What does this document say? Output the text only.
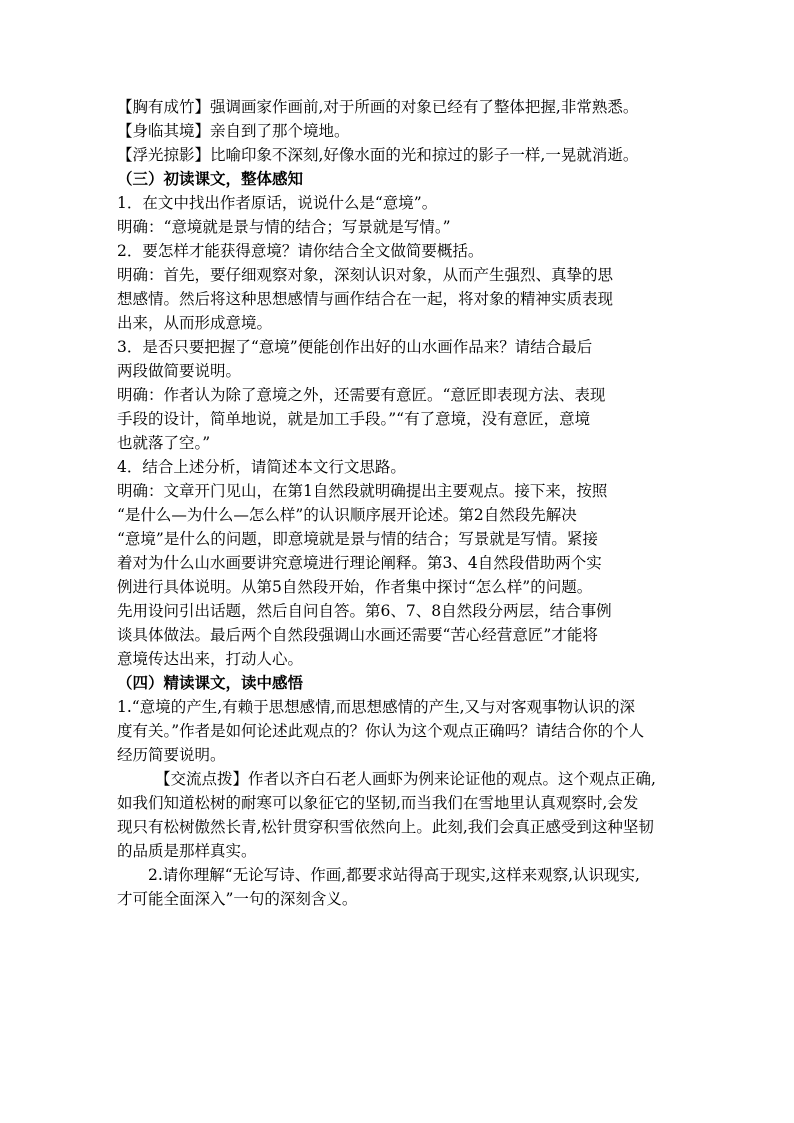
【胸有成竹】强调画家作画前,对于所画的对象已经有了整体把握,非常熟悉。

【身临其境】亲自到了那个境地。

【浮光掠影】比喻印象不深刻,好像水面的光和掠过的影子一样,一晃就消逝。

（三）初读课文，整体感知

1．在文中找出作者原话，说说什么是“意境”。

明确：“意境就是景与情的结合；写景就是写情。”

2．要怎样才能获得意境？请你结合全文做简要概括。

明确：首先，要仔细观察对象，深刻认识对象，从而产生强烈、真挚的思

想感情。然后将这种思想感情与画作结合在一起，将对象的精神实质表现

出来，从而形成意境。

3．是否只要把握了“意境”便能创作出好的山水画作品来？请结合最后

两段做简要说明。

明确：作者认为除了意境之外，还需要有意匠。“意匠即表现方法、表现

手段的设计，简单地说，就是加工手段。”“有了意境，没有意匠，意境

也就落了空。”

4．结合上述分析，请简述本文行文思路。

明确：文章开门见山，在第1自然段就明确提出主要观点。接下来，按照

“是什么—为什么—怎么样”的认识顺序展开论述。第2自然段先解决

“意境”是什么的问题，即意境就是景与情的结合；写景就是写情。紧接

着对为什么山水画要讲究意境进行理论阐释。第3、4自然段借助两个实

例进行具体说明。从第5自然段开始，作者集中探讨“怎么样”的问题。

先用设问引出话题，然后自问自答。第6、7、8自然段分两层，结合事例

谈具体做法。最后两个自然段强调山水画还需要“苦心经营意匠”才能将

意境传达出来，打动人心。

（四）精读课文，读中感悟

1.“意境的产生,有赖于思想感情,而思想感情的产生,又与对客观事物认识的深

度有关。”作者是如何论述此观点的？你认为这个观点正确吗？请结合你的个人

经历简要说明。

【交流点拨】作者以齐白石老人画虾为例来论证他的观点。这个观点正确,

如我们知道松树的耐寒可以象征它的坚韧,而当我们在雪地里认真观察时,会发

现只有松树傲然长青,松针贯穿积雪依然向上。此刻,我们会真正感受到这种坚韧

的品质是那样真实。

2.请你理解“无论写诗、作画,都要求站得高于现实,这样来观察,认识现实,

才可能全面深入”一句的深刻含义。
